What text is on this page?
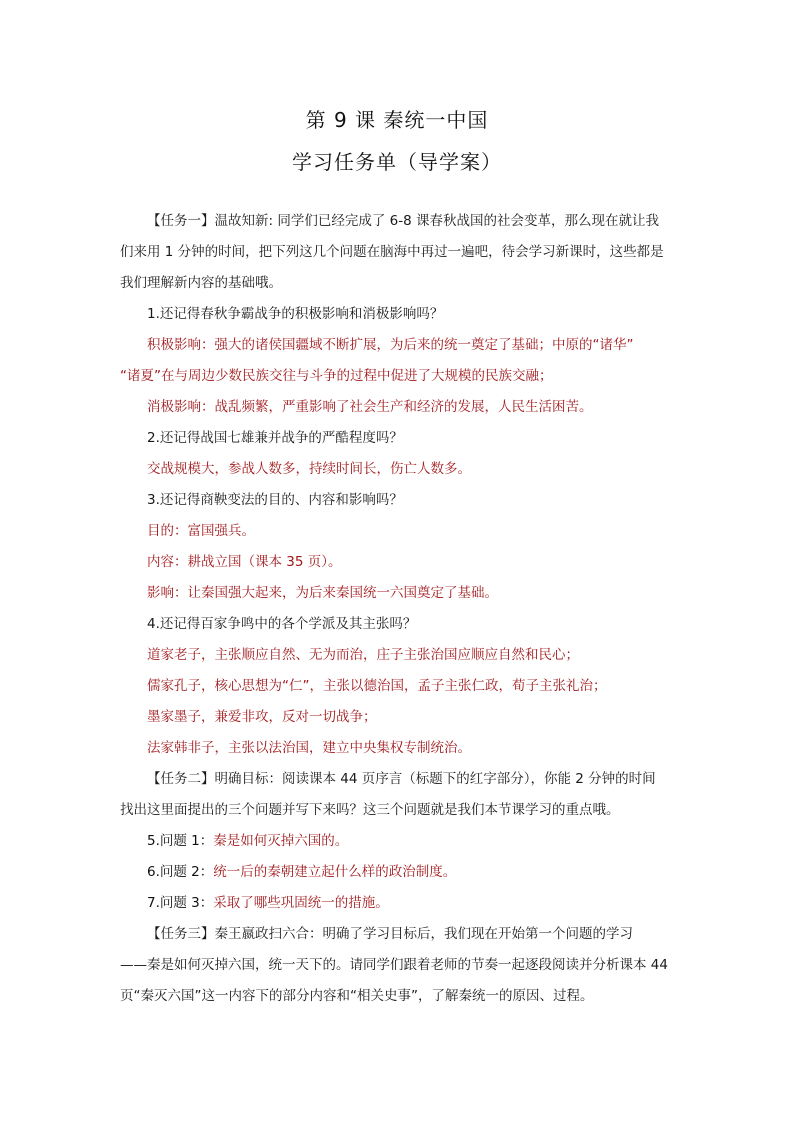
第 9 课 秦统一中国
学习任务单（导学案）
【任务一】温故知新: 同学们已经完成了 6-8 课春秋战国的社会变革，那么现在就让我
们来用 1 分钟的时间，把下列这几个问题在脑海中再过一遍吧，待会学习新课时，这些都是
我们理解新内容的基础哦。
1.还记得春秋争霸战争的积极影响和消极影响吗？
积极影响：强大的诸侯国疆域不断扩展，为后来的统一奠定了基础；中原的“诸华”
“诸夏”在与周边少数民族交往与斗争的过程中促进了大规模的民族交融；
消极影响：战乱频繁，严重影响了社会生产和经济的发展，人民生活困苦。
2.还记得战国七雄兼并战争的严酷程度吗？
交战规模大，参战人数多，持续时间长，伤亡人数多。
3.还记得商鞅变法的目的、内容和影响吗？
目的：富国强兵。
内容：耕战立国（课本 35 页）。
影响：让秦国强大起来，为后来秦国统一六国奠定了基础。
4.还记得百家争鸣中的各个学派及其主张吗？
道家老子，主张顺应自然、无为而治，庄子主张治国应顺应自然和民心；
儒家孔子，核心思想为“仁”，主张以德治国，孟子主张仁政，荀子主张礼治；
墨家墨子，兼爱非攻，反对一切战争；
法家韩非子，主张以法治国，建立中央集权专制统治。
【任务二】明确目标：阅读课本 44 页序言（标题下的红字部分），你能 2 分钟的时间
找出这里面提出的三个问题并写下来吗？这三个问题就是我们本节课学习的重点哦。
5.问题 1：秦是如何灭掉六国的。
6.问题 2：统一后的秦朝建立起什么样的政治制度。
7.问题 3：采取了哪些巩固统一的措施。
【任务三】秦王嬴政扫六合：明确了学习目标后，我们现在开始第一个问题的学习
——秦是如何灭掉六国，统一天下的。请同学们跟着老师的节奏一起逐段阅读并分析课本 44
页“秦灭六国”这一内容下的部分内容和“相关史事”，了解秦统一的原因、过程。
